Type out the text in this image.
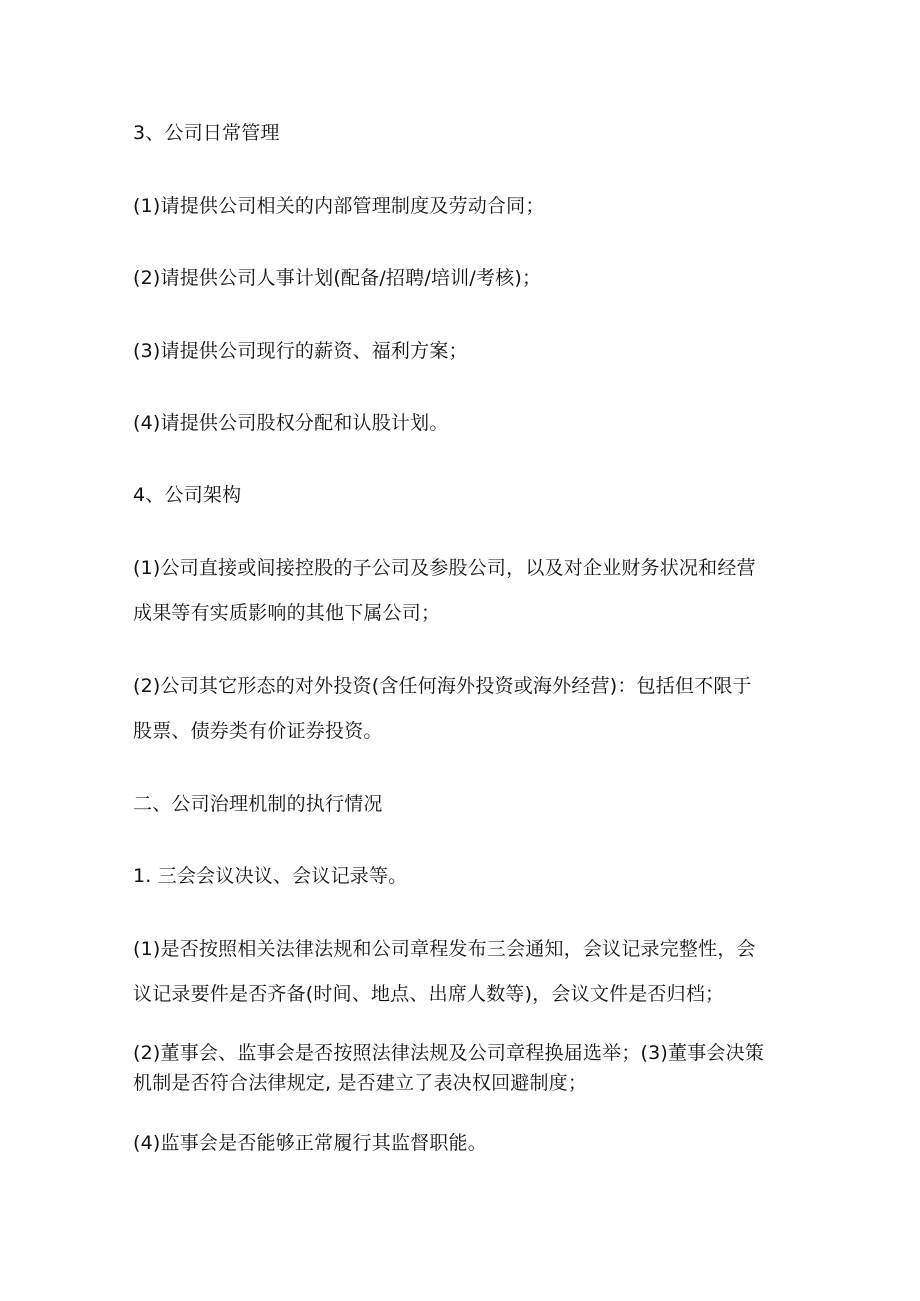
3、公司日常管理
(1)请提供公司相关的内部管理制度及劳动合同；
(2)请提供公司人事计划(配备/招聘/培训/考核)；
(3)请提供公司现行的薪资、福利方案；
(4)请提供公司股权分配和认股计划。
4、公司架构
(1)公司直接或间接控股的子公司及参股公司，以及对企业财务状况和经营
成果等有实质影响的其他下属公司；
(2)公司其它形态的对外投资(含任何海外投资或海外经营)：包括但不限于
股票、债券类有价证券投资。
二、公司治理机制的执行情况
1. 三会会议决议、会议记录等。
(1)是否按照相关法律法规和公司章程发布三会通知，会议记录完整性，会
议记录要件是否齐备(时间、地点、出席人数等)，会议文件是否归档；
(2)董事会、监事会是否按照法律法规及公司章程换届选举；(3)董事会决策
机制是否符合法律规定, 是否建立了表决权回避制度；
(4)监事会是否能够正常履行其监督职能。
